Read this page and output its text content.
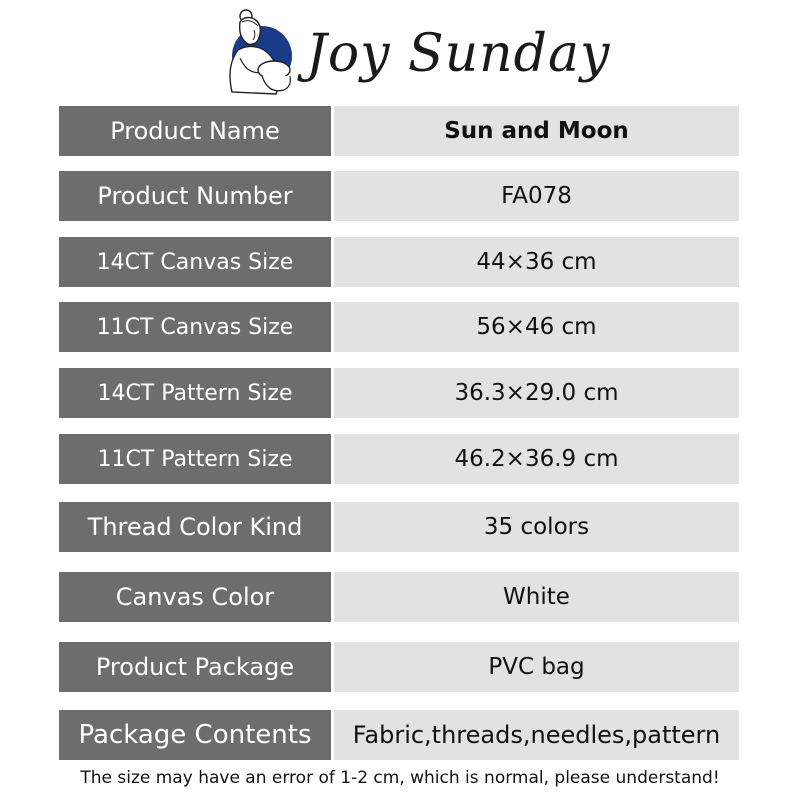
Joy Sunday
Product Name	Sun and Moon
Product Number	FA078
14CT Canvas Size	44×36 cm
11CT Canvas Size	56×46 cm
14CT Pattern Size	36.3×29.0 cm
11CT Pattern Size	46.2×36.9 cm
Thread Color Kind	35 colors
Canvas Color	White
Product Package	PVC bag
Package Contents	Fabric,threads,needles,pattern
The size may have an error of 1-2 cm, which is normal, please understand!
